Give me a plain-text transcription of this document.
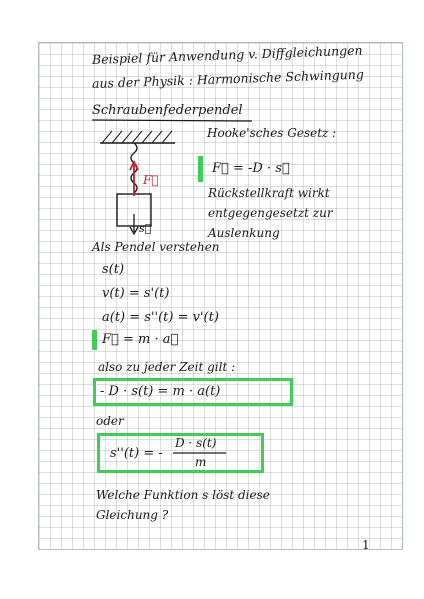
Beispiel für Anwendung v. Diffgleichungen
aus der Physik : Harmonische Schwingung
Schraubenfederpendel
F⃗
s⃗
Hooke'sches Gesetz :
F⃗ = -D · s⃗
Rückstellkraft wirkt
entgegengesetzt zur
Auslenkung
Als Pendel verstehen
s(t)
v(t) = s'(t)
a(t) = s''(t) = v'(t)
F⃗ = m · a⃗
also zu jeder Zeit gilt :
- D · s(t) = m · a(t)
oder
s''(t) = -
D · s(t)
m
Welche Funktion s löst diese
Gleichung ?
1
